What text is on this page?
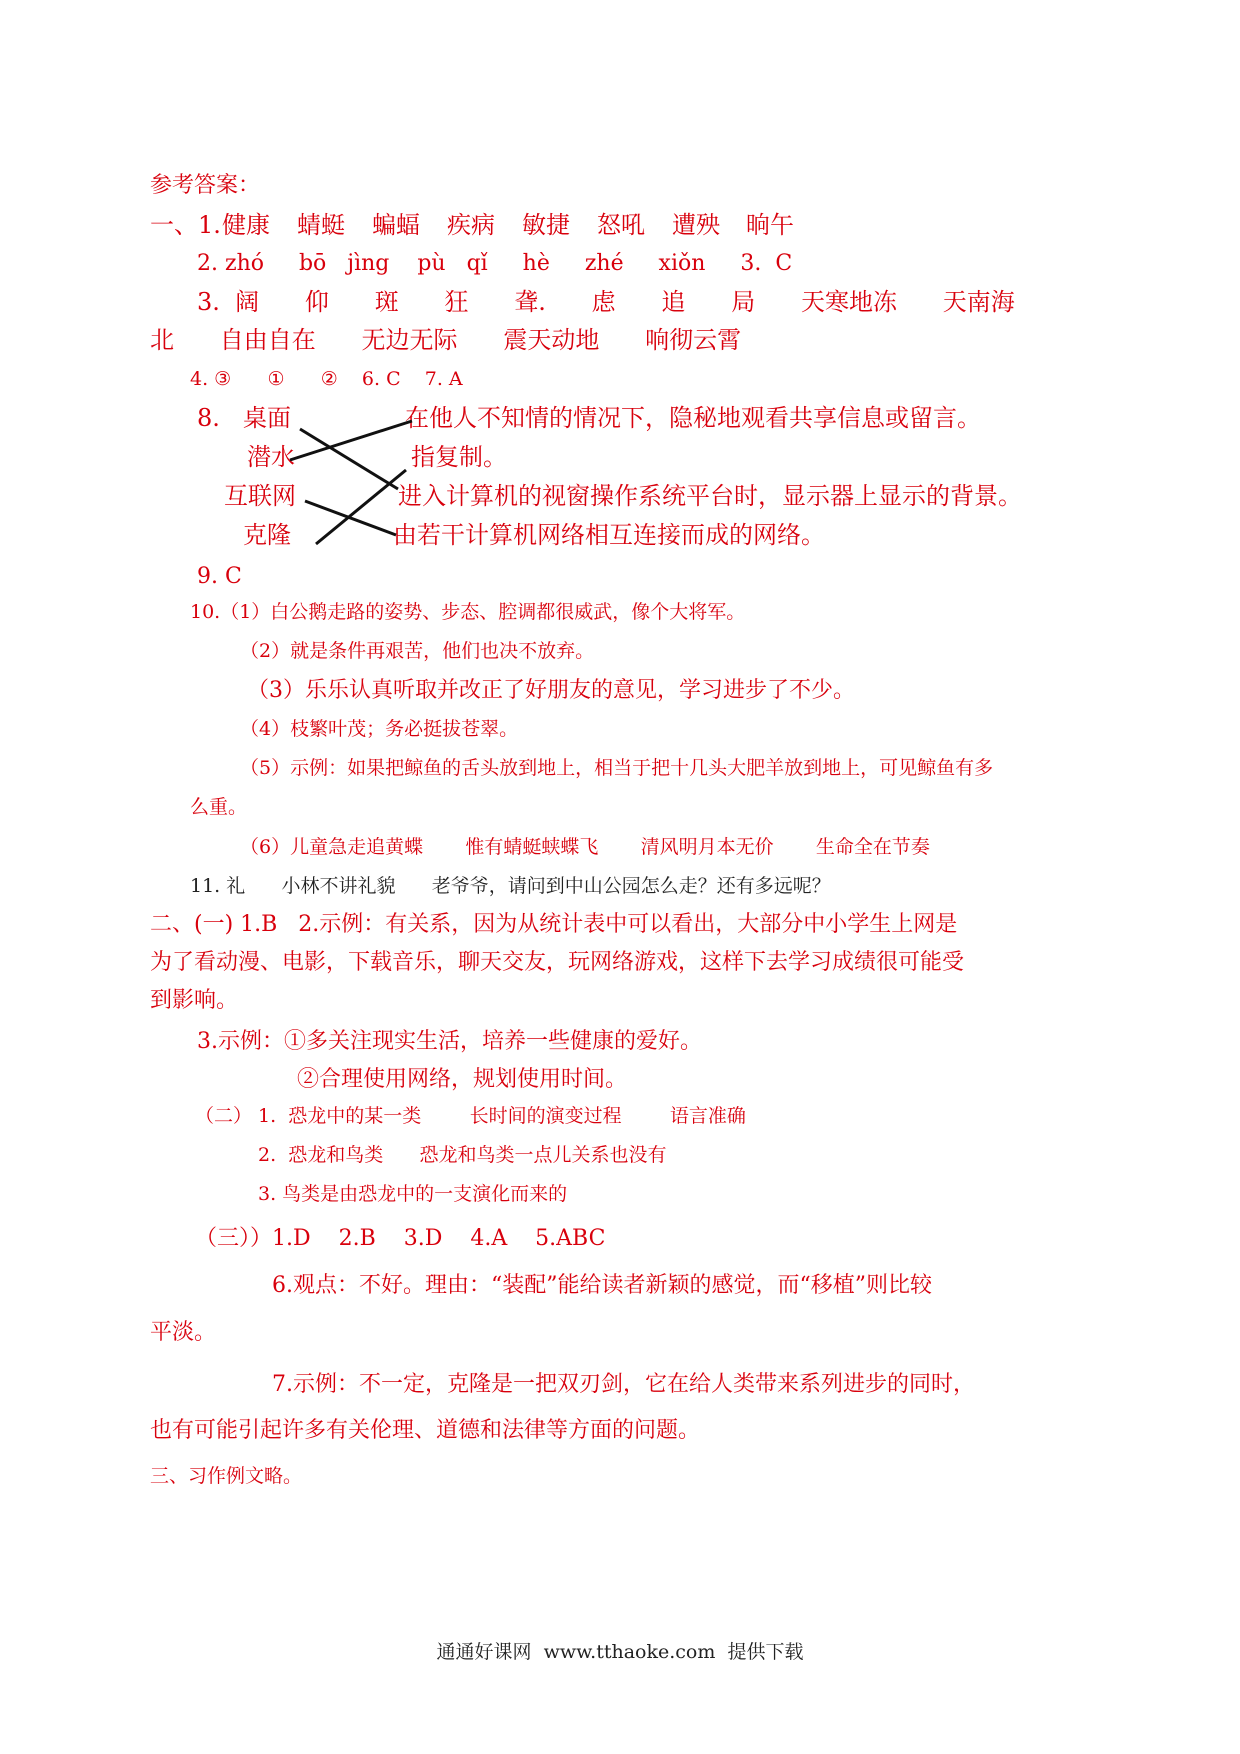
参考答案：
一、1. 健康 蜻蜓 蝙蝠 疾病 敏捷 怒吼 遭殃 晌午
2. zhó     bō   jìng    pù   qǐ     hè     zhé     xiǒn     3.  C
3.  阔      仰      斑      狂      聋.      虑      追      局      天寒地冻      天南海
北      自由自在      无边无际      震天动地      响彻云霄
4. ③      ①      ②    6. C    7. A
8. 桌面
潜水
互联网
克隆
在他人不知情的情况下，隐秘地观看共享信息或留言。
指复制。
进入计算机的视窗操作系统平台时，显示器上显示的背景。
由若干计算机网络相互连接而成的网络。
9. C
10.（1）白公鹅走路的姿势、步态、腔调都很威武，像个大将军。
（2）就是条件再艰苦，他们也决不放弃。
（3）乐乐认真听取并改正了好朋友的意见，学习进步了不少。
（4）枝繁叶茂；务必挺拔苍翠。
（5）示例：如果把鲸鱼的舌头放到地上，相当于把十几头大肥羊放到地上，可见鲸鱼有多
么重。
（6）儿童急走追黄蝶       惟有蜻蜓蛱蝶飞       清风明月本无价       生命全在节奏
11. 礼      小林不讲礼貌      老爷爷，请问到中山公园怎么走？还有多远呢？
二、(一) 1.B   2.示例：有关系，因为从统计表中可以看出，大部分中小学生上网是
为了看动漫、电影，下载音乐，聊天交友，玩网络游戏，这样下去学习成绩很可能受
到影响。
3.示例：①多关注现实生活，培养一些健康的爱好。
②合理使用网络，规划使用时间。
（二） 1.  恐龙中的某一类        长时间的演变过程        语言准确
2.  恐龙和鸟类      恐龙和鸟类一点儿关系也没有
3. 鸟类是由恐龙中的一支演化而来的
（三））1.D    2.B    3.D    4.A    5.ABC
6.观点：不好。理由：“装配”能给读者新颖的感觉，而“移植”则比较
平淡。
7.示例：不一定，克隆是一把双刃剑，它在给人类带来系列进步的同时，
也有可能引起许多有关伦理、道德和法律等方面的问题。
三、习作例文略。
通通好课网  www.tthaoke.com  提供下载
